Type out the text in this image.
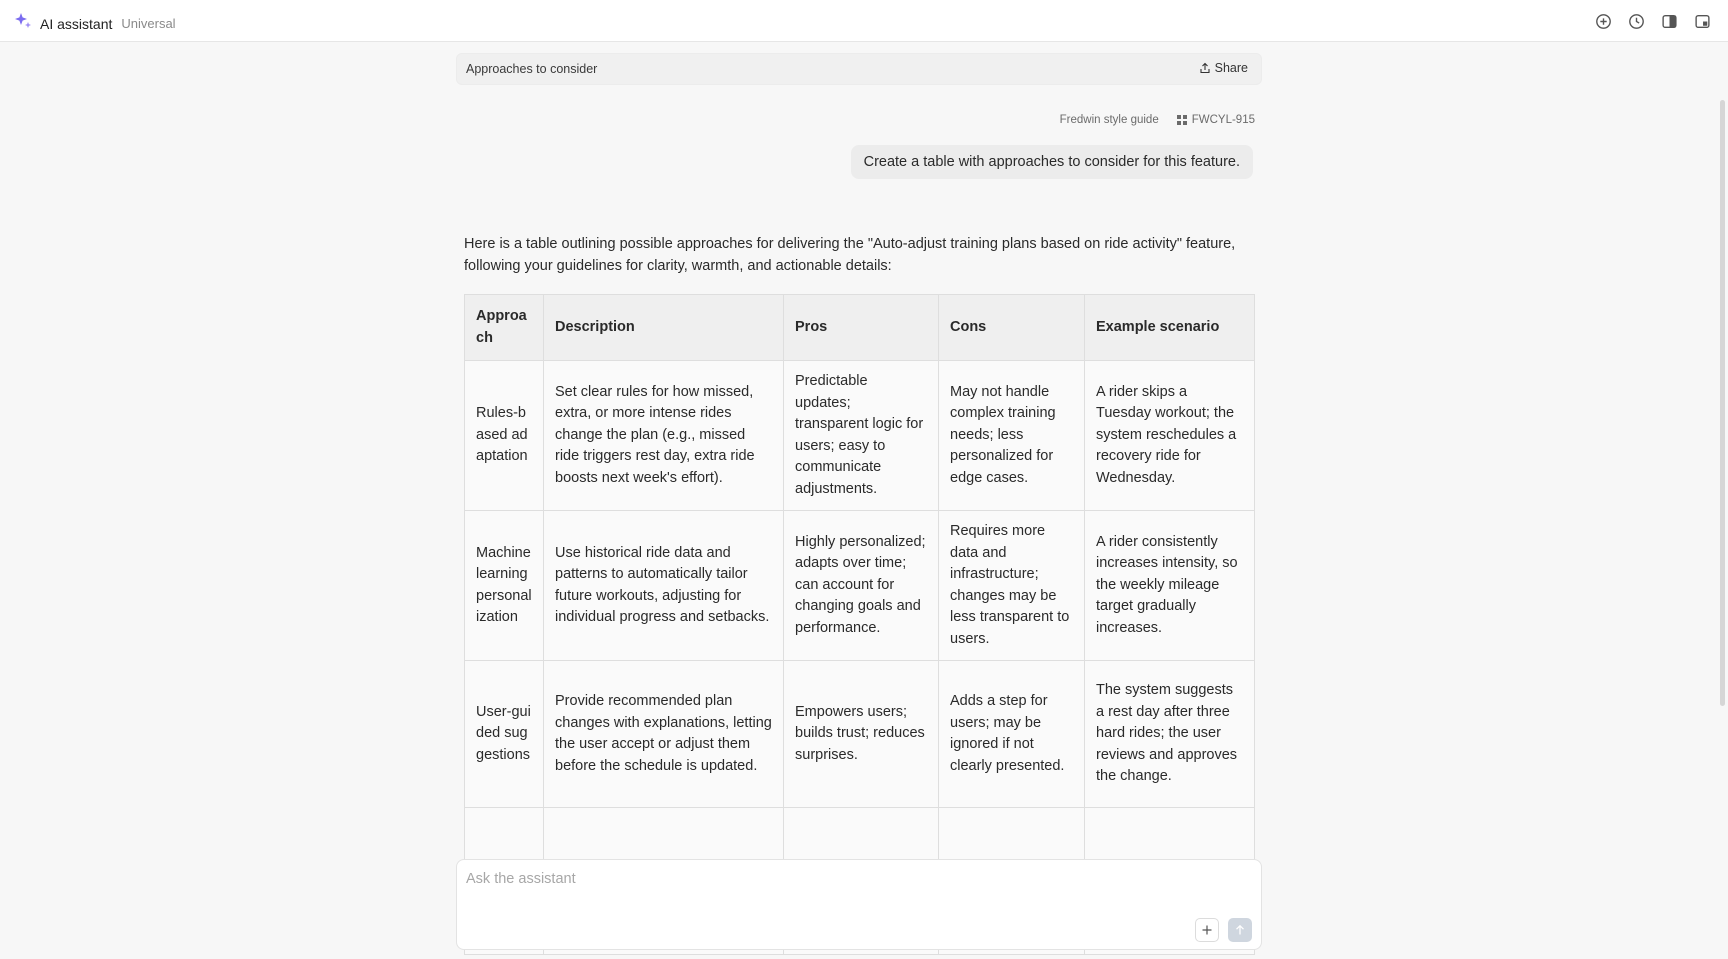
AI assistant Universal
Approaches to consider	Share
Fredwin style guide	FWCYL-915
Create a table with approaches to consider for this feature.
Here is a table outlining possible approaches for delivering the "Auto-adjust training plans based on ride activity" feature, following your guidelines for clarity, warmth, and actionable details:
Approach	Description	Pros	Cons	Example scenario
Rules-based adaptation	Set clear rules for how missed, extra, or more intense rides change the plan (e.g., missed ride triggers rest day, extra ride boosts next week's effort).	Predictable updates; transparent logic for users; easy to communicate adjustments.	May not handle complex training needs; less personalized for edge cases.	A rider skips a Tuesday workout; the system reschedules a recovery ride for Wednesday.
Machine learning personalization	Use historical ride data and patterns to automatically tailor future workouts, adjusting for individual progress and setbacks.	Highly personalized; adapts over time; can account for changing goals and performance.	Requires more data and infrastructure; changes may be less transparent to users.	A rider consistently increases intensity, so the weekly mileage target gradually increases.
User-guided suggestions	Provide recommended plan changes with explanations, letting the user accept or adjust them before the schedule is updated.	Empowers users; builds trust; reduces surprises.	Adds a step for users; may be ignored if not clearly presented.	The system suggests a rest day after three hard rides; the user reviews and approves the change.

Ask the assistant
